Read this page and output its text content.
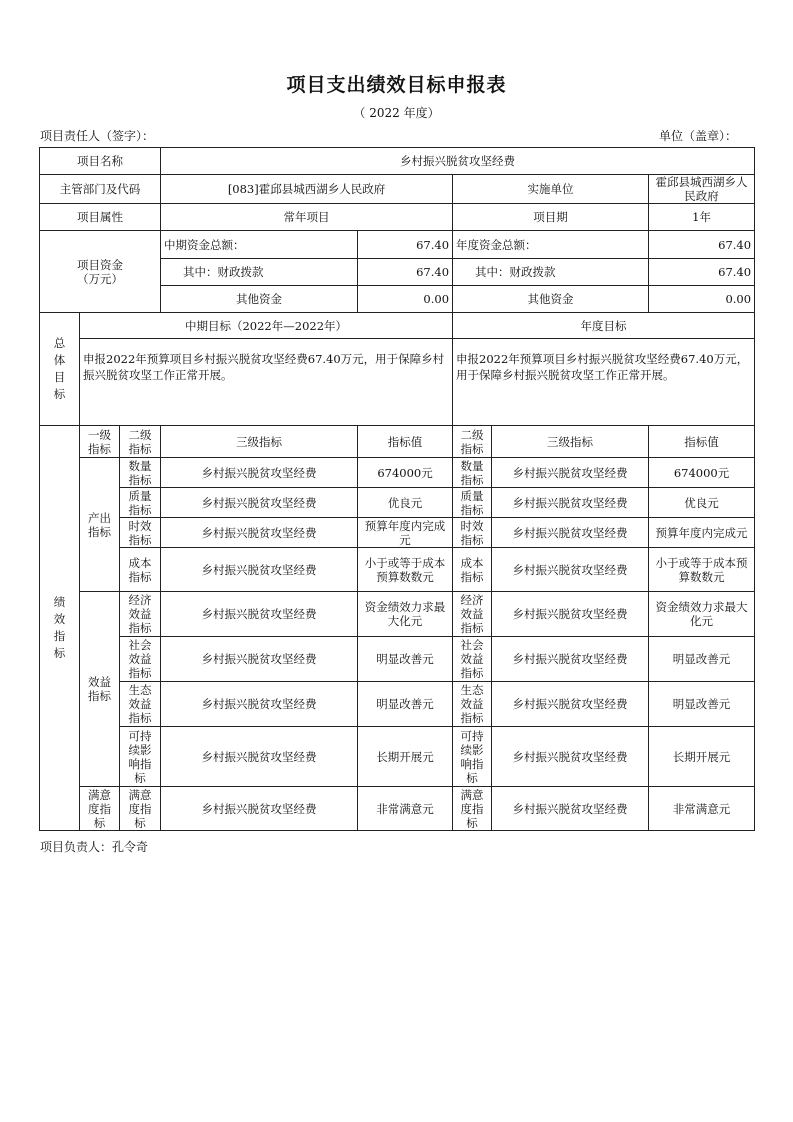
项目支出绩效目标申报表
（ 2022 年度）
项目责任人（签字）：	单位（盖章）：
项目名称			乡村振兴脱贫攻坚经费				
主管部门及代码			[083]霍邱县城西湖乡人民政府		实施单位		霍邱县城西湖乡人民政府
项目属性			常年项目		项目期		1年

项目资金（万元）			中期资金总额：	67.40	年度资金总额：		67.40
			其中：财政拨款	67.40	其中：财政拨款		67.40
			其他资金	0.00	其他资金		0.00

总体目标	中期目标（2022年—2022年）				年度目标		
	申报2022年预算项目乡村振兴脱贫攻坚经费67.40万元，用于保障乡村振兴脱贫攻坚工作正常开展。				申报2022年预算项目乡村振兴脱贫攻坚经费67.40万元，用于保障乡村振兴脱贫攻坚工作正常开展。		

绩效指标	一级指标	二级指标	三级指标	指标值	二级指标	三级指标	指标值

	产出指标	数量指标	乡村振兴脱贫攻坚经费	674000元	数量指标	乡村振兴脱贫攻坚经费	674000元

		质量指标	乡村振兴脱贫攻坚经费	优良元	质量指标	乡村振兴脱贫攻坚经费	优良元

		时效指标	乡村振兴脱贫攻坚经费	预算年度内完成元	时效指标	乡村振兴脱贫攻坚经费	预算年度内完成元

		成本指标	乡村振兴脱贫攻坚经费	小于或等于成本预算数数元	成本指标	乡村振兴脱贫攻坚经费	小于或等于成本预算数数元

	效益指标	经济效益指标	乡村振兴脱贫攻坚经费	资金绩效力求最大化元	经济效益指标	乡村振兴脱贫攻坚经费	资金绩效力求最大化元

		社会效益指标	乡村振兴脱贫攻坚经费	明显改善元	社会效益指标	乡村振兴脱贫攻坚经费	明显改善元

		生态效益指标	乡村振兴脱贫攻坚经费	明显改善元	生态效益指标	乡村振兴脱贫攻坚经费	明显改善元

		可持续影响指标	乡村振兴脱贫攻坚经费	长期开展元	可持续影响指标	乡村振兴脱贫攻坚经费	长期开展元

	满意度指标	满意度指标	乡村振兴脱贫攻坚经费	非常满意元	满意度指标	乡村振兴脱贫攻坚经费	非常满意元
项目负责人：孔令奇
